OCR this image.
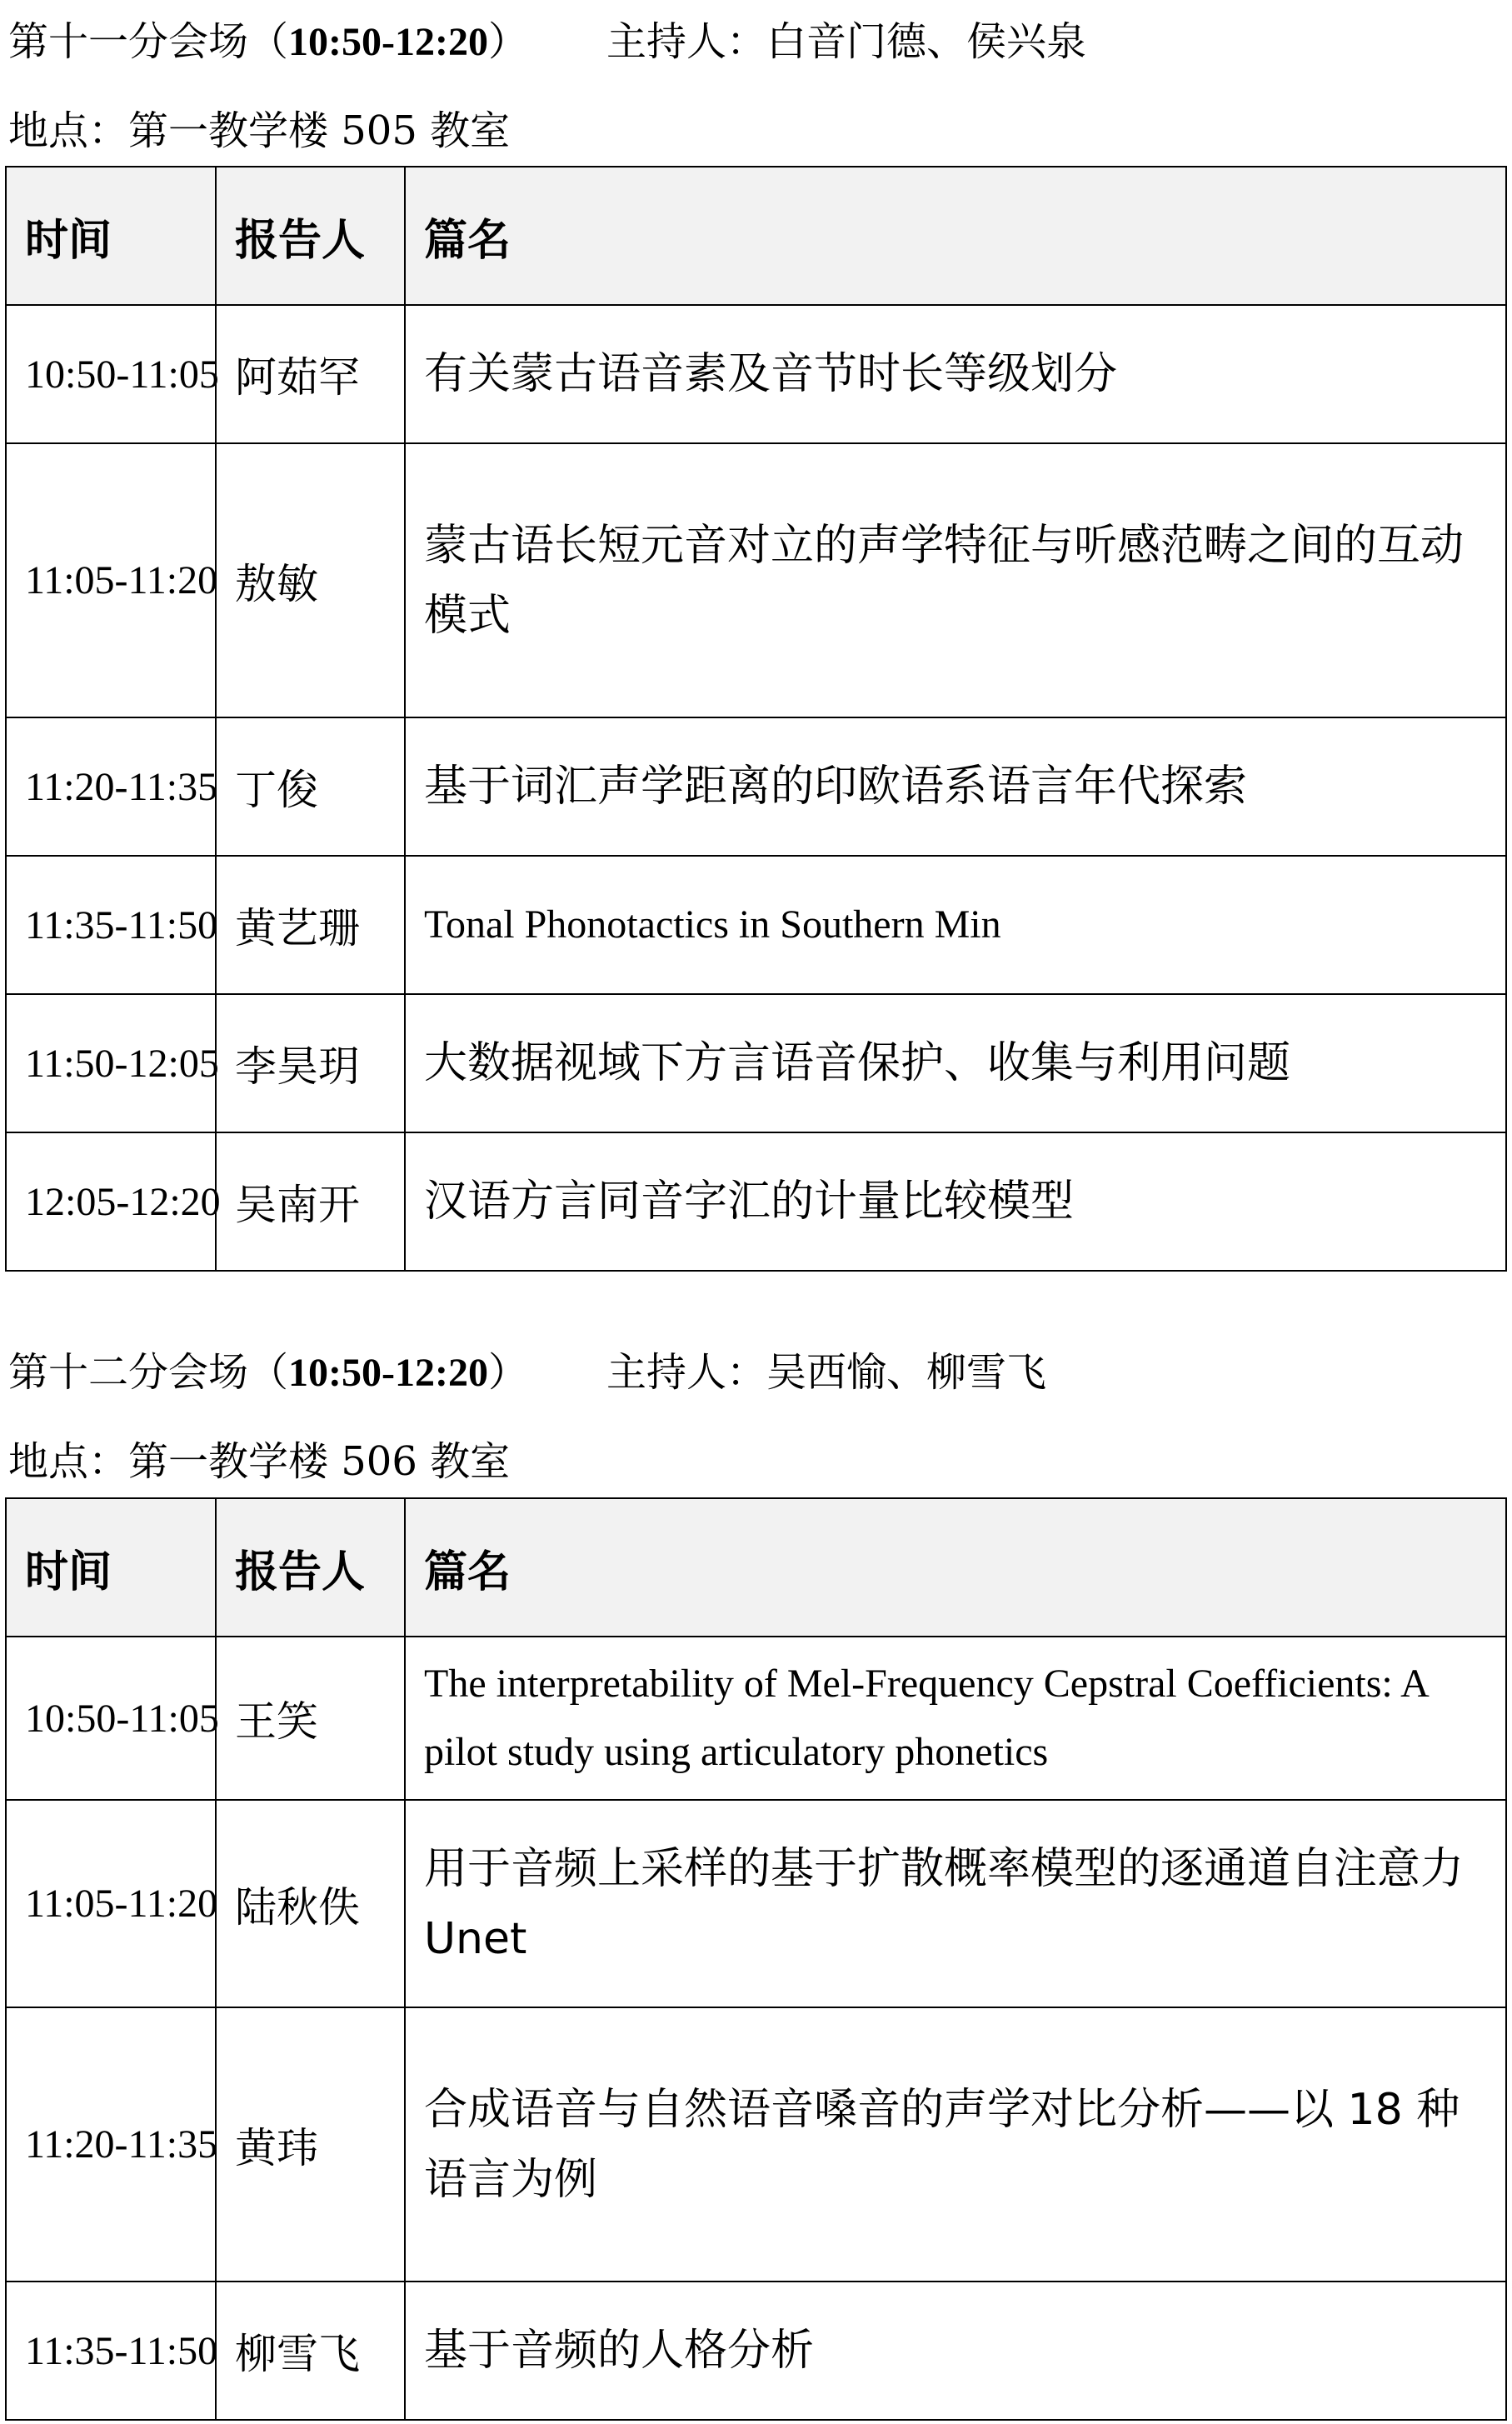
第十一分会场（10:50-12:20） 主持人：白音门德、侯兴泉
地点：第一教学楼 505 教室
时间	报告人	篇名
10:50-11:05	阿茹罕	有关蒙古语音素及音节时长等级划分
11:05-11:20	敖敏	蒙古语长短元音对立的声学特征与听感范畴之间的互动模式
11:20-11:35	丁俊	基于词汇声学距离的印欧语系语言年代探索
11:35-11:50	黄艺珊	Tonal Phonotactics in Southern Min
11:50-12:05	李昊玥	大数据视域下方言语音保护、收集与利用问题
12:05-12:20	吴南开	汉语方言同音字汇的计量比较模型
第十二分会场（10:50-12:20） 主持人：吴西愉、柳雪飞
地点：第一教学楼 506 教室
时间	报告人	篇名
10:50-11:05	王笑	The interpretability of Mel-Frequency Cepstral Coefficients: A pilot study using articulatory phonetics
11:05-11:20	陆秋佚	用于音频上采样的基于扩散概率模型的逐通道自注意力Unet
11:20-11:35	黄玮	合成语音与自然语音嗓音的声学对比分析——以 18 种语言为例
11:35-11:50	柳雪飞	基于音频的人格分析
